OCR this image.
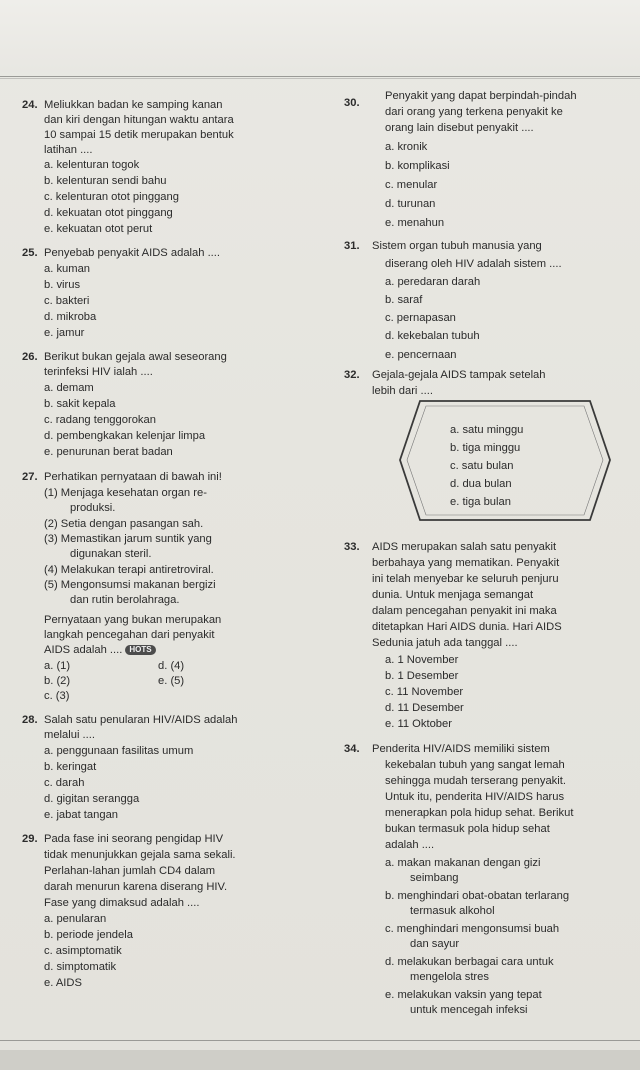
24. Meliukkan badan ke samping kanan
dan kiri dengan hitungan waktu antara
10 sampai 15 detik merupakan bentuk
latihan ....
a. kelenturan togok
b. kelenturan sendi bahu
c. kelenturan otot pinggang
d. kekuatan otot pinggang
e. kekuatan otot perut
25. Penyebab penyakit AIDS adalah ....
a. kuman
b. virus
c. bakteri
d. mikroba
e. jamur
26. Berikut bukan gejala awal seseorang
terinfeksi HIV ialah ....
a. demam
b. sakit kepala
c. radang tenggorokan
d. pembengkakan kelenjar limpa
e. penurunan berat badan
27. Perhatikan pernyataan di bawah ini!
(1) Menjaga kesehatan organ re-
produksi.
(2) Setia dengan pasangan sah.
(3) Memastikan jarum suntik yang
digunakan steril.
(4) Melakukan terapi antiretroviral.
(5) Mengonsumsi makanan bergizi
dan rutin berolahraga.
Pernyataan yang bukan merupakan
langkah pencegahan dari penyakit
AIDS adalah .... HOTS
a. (1)
b. (2)
c. (3)
d. (4)
e. (5)
28. Salah satu penularan HIV/AIDS adalah
melalui ....
a. penggunaan fasilitas umum
b. keringat
c. darah
d. gigitan serangga
e. jabat tangan
29. Pada fase ini seorang pengidap HIV
tidak menunjukkan gejala sama sekali.
Perlahan-lahan jumlah CD4 dalam
darah menurun karena diserang HIV.
Fase yang dimaksud adalah ....
a. penularan
b. periode jendela
c. asimptomatik
d. simptomatik
e. AIDS
30.
Penyakit yang dapat berpindah-pindah
dari orang yang terkena penyakit ke
orang lain disebut penyakit ....
a. kronik
b. komplikasi
c. menular
d. turunan
e. menahun
31. Sistem organ tubuh manusia yang
diserang oleh HIV adalah sistem ....
a. peredaran darah
b. saraf
c. pernapasan
d. kekebalan tubuh
e. pencernaan
32. Gejala-gejala AIDS tampak setelah
lebih dari ....
a. satu minggu
b. tiga minggu
c. satu bulan
d. dua bulan
e. tiga bulan
33. AIDS merupakan salah satu penyakit
berbahaya yang mematikan. Penyakit
ini telah menyebar ke seluruh penjuru
dunia. Untuk menjaga semangat
dalam pencegahan penyakit ini maka
ditetapkan Hari AIDS dunia. Hari AIDS
Sedunia jatuh ada tanggal ....
a. 1 November
b. 1 Desember
c. 11 November
d. 11 Desember
e. 11 Oktober
34. Penderita HIV/AIDS memiliki sistem
kekebalan tubuh yang sangat lemah
sehingga mudah terserang penyakit.
Untuk itu, penderita HIV/AIDS harus
menerapkan pola hidup sehat. Berikut
bukan termasuk pola hidup sehat
adalah ....
a. makan makanan dengan gizi
seimbang
b. menghindari obat-obatan terlarang
termasuk alkohol
c. menghindari mengonsumsi buah
dan sayur
d. melakukan berbagai cara untuk
mengelola stres
e. melakukan vaksin yang tepat
untuk mencegah infeksi
